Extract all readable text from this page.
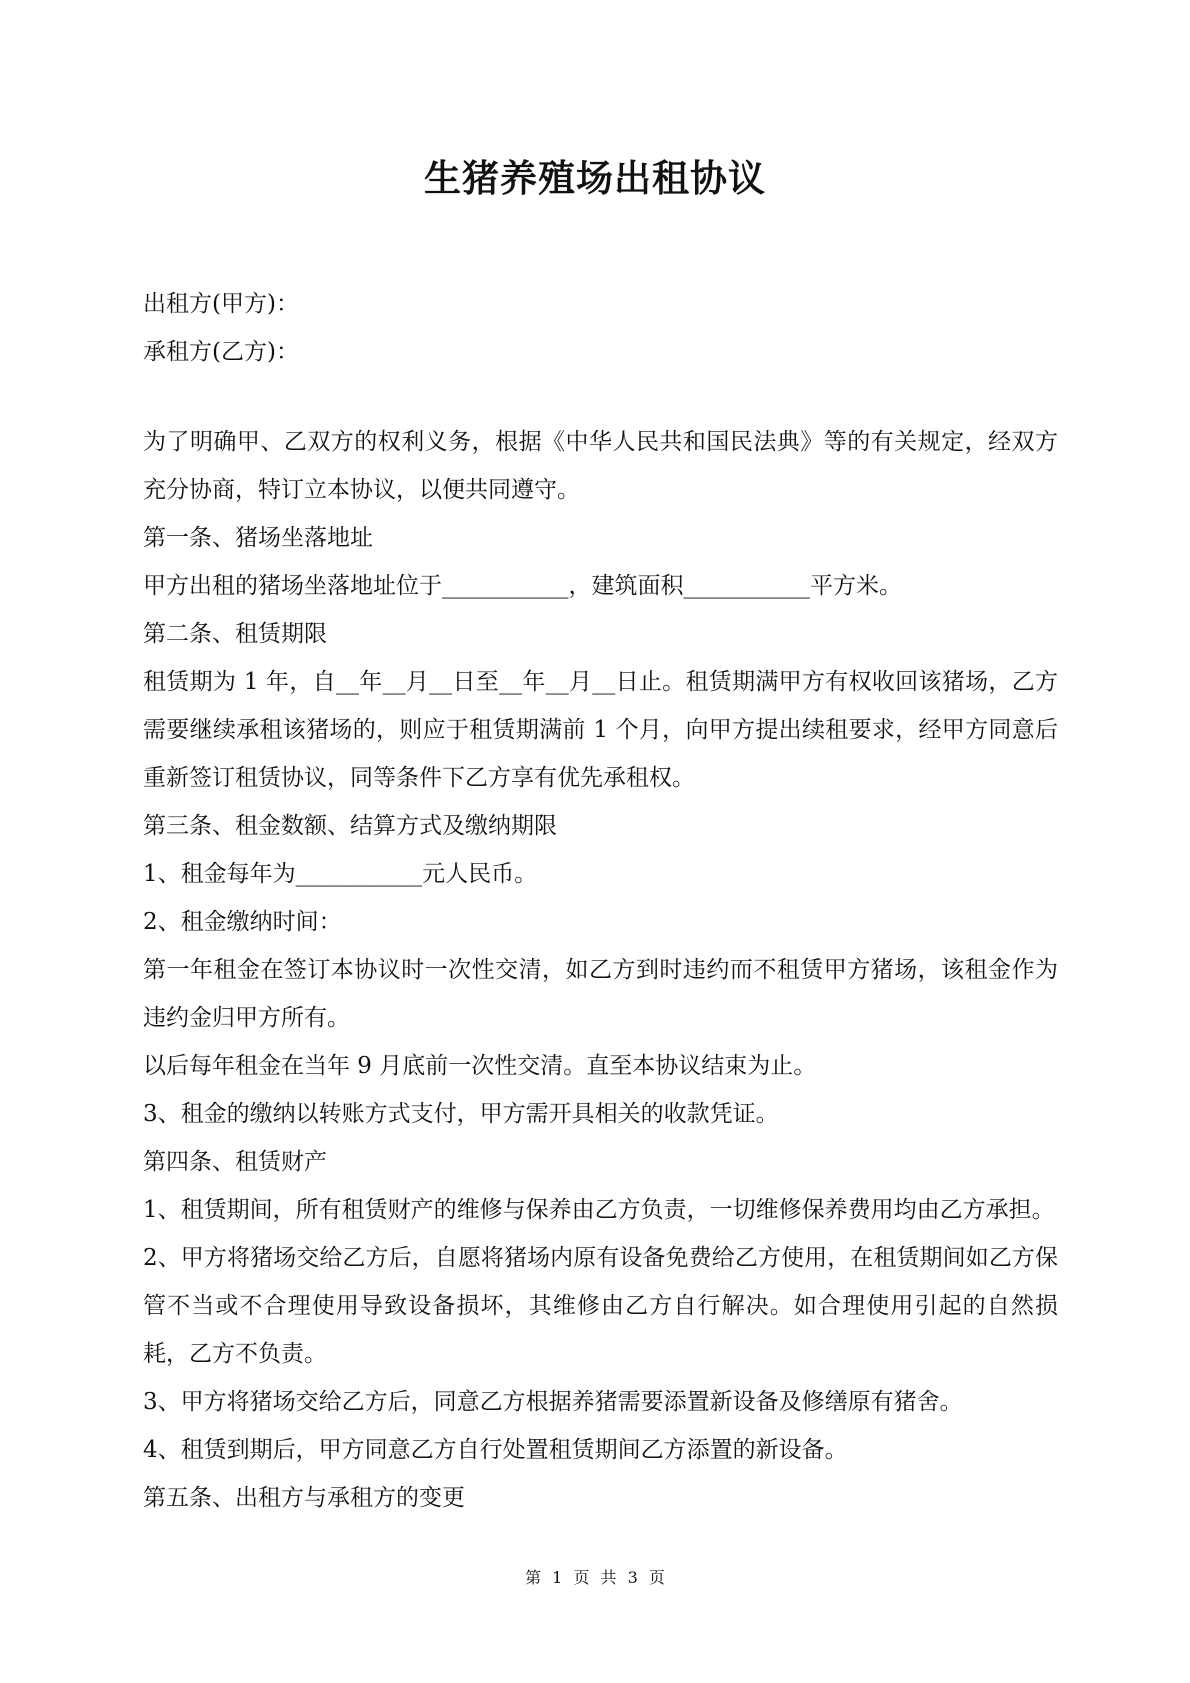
生猪养殖场出租协议

出租方(甲方)：

承租方(乙方)：

为了明确甲、乙双方的权利义务，根据《中华人民共和国民法典》等的有关规定，经双方充分协商，特订立本协议，以便共同遵守。

第一条、猪场坐落地址

甲方出租的猪场坐落地址位于___________，建筑面积___________平方米。

第二条、租赁期限

租赁期为 1 年，自__年__月__日至__年__月__日止。租赁期满甲方有权收回该猪场，乙方需要继续承租该猪场的，则应于租赁期满前 1 个月，向甲方提出续租要求，经甲方同意后重新签订租赁协议，同等条件下乙方享有优先承租权。

第三条、租金数额、结算方式及缴纳期限

1、租金每年为___________元人民币。

2、租金缴纳时间：

第一年租金在签订本协议时一次性交清，如乙方到时违约而不租赁甲方猪场，该租金作为违约金归甲方所有。

以后每年租金在当年 9 月底前一次性交清。直至本协议结束为止。

3、租金的缴纳以转账方式支付，甲方需开具相关的收款凭证。

第四条、租赁财产

1、租赁期间，所有租赁财产的维修与保养由乙方负责，一切维修保养费用均由乙方承担。

2、甲方将猪场交给乙方后，自愿将猪场内原有设备免费给乙方使用，在租赁期间如乙方保管不当或不合理使用导致设备损坏，其维修由乙方自行解决。如合理使用引起的自然损耗，乙方不负责。

3、甲方将猪场交给乙方后，同意乙方根据养猪需要添置新设备及修缮原有猪舍。

4、租赁到期后，甲方同意乙方自行处置租赁期间乙方添置的新设备。

第五条、出租方与承租方的变更

第 1 页 共 3 页
